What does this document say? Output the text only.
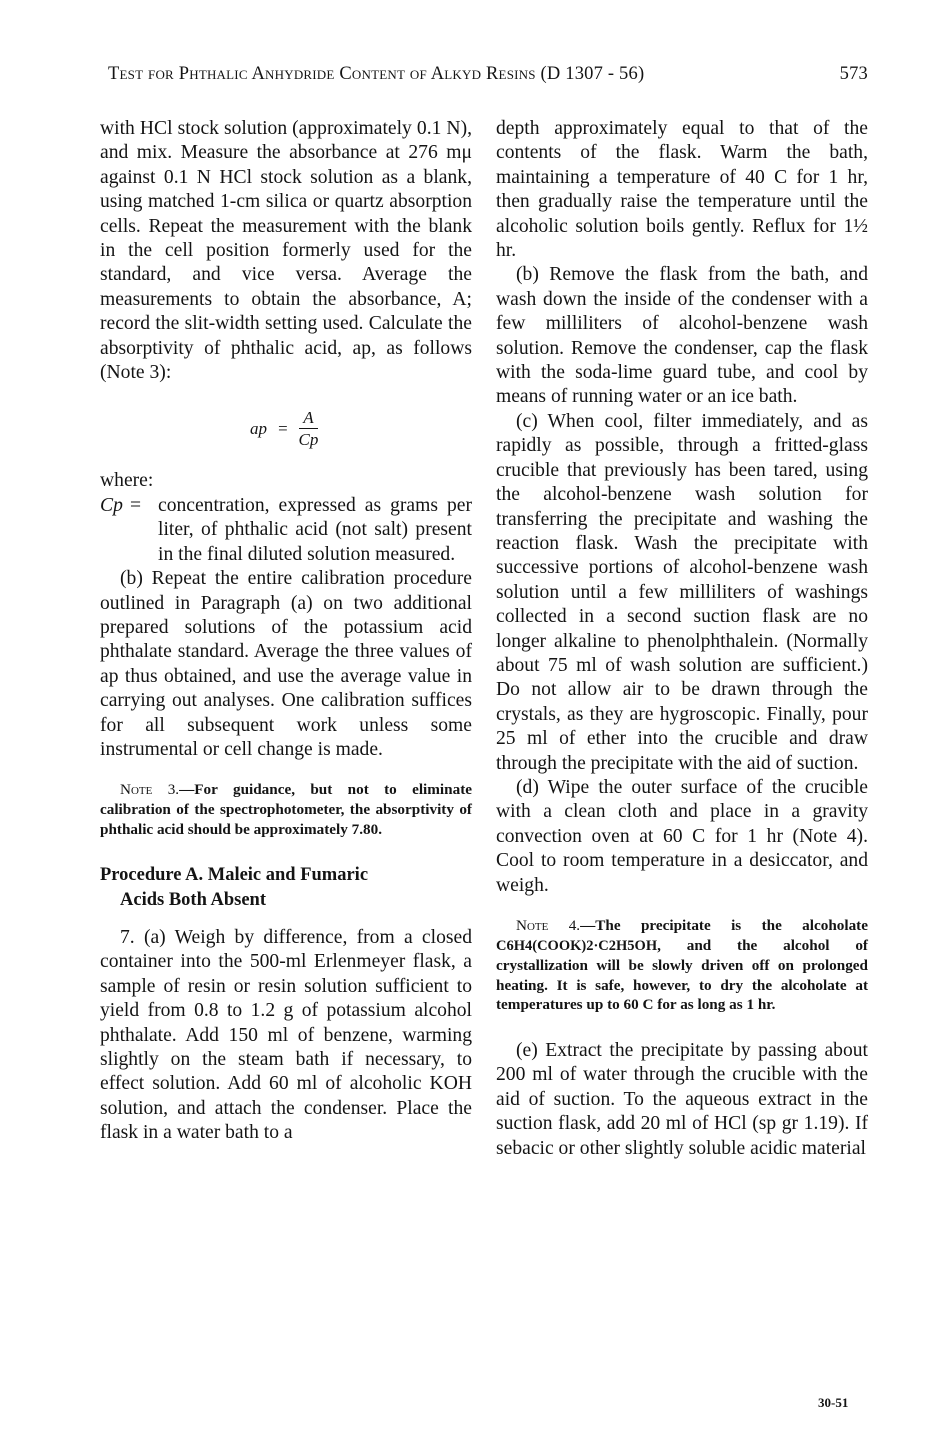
Test for Phthalic Anhydride Content of Alkyd Resins (D 1307 - 56)	573

with HCl stock solution (approximately 0.1 N), and mix. Measure the absorbance at 276 mμ against 0.1 N HCl stock solution as a blank, using matched 1-cm silica or quartz absorption cells. Repeat the measurement with the blank in the cell position formerly used for the standard, and vice versa. Average the measurements to obtain the absorbance, A; record the slit-width setting used. Calculate the absorptivity of phthalic acid, ap, as follows (Note 3):

ap = $\frac{A}{Cp}$
where:
Cp = concentration, expressed as grams per liter, of phthalic acid (not salt) present in the final diluted solution measured.

(b) Repeat the entire calibration procedure outlined in Paragraph (a) on two additional prepared solutions of the potassium acid phthalate standard. Average the three values of ap thus obtained, and use the average value in carrying out analyses. One calibration suffices for all subsequent work unless some instrumental or cell change is made.

Note 3.—For guidance, but not to eliminate calibration of the spectrophotometer, the absorptivity of phthalic acid should be approximately 7.80.
Procedure A. Maleic and Fumaric
Acids Both Absent

7. (a) Weigh by difference, from a closed container into the 500-ml Erlenmeyer flask, a sample of resin or resin solution sufficient to yield from 0.8 to 1.2 g of potassium alcohol phthalate. Add 150 ml of benzene, warming slightly on the steam bath if necessary, to effect solution. Add 60 ml of alcoholic KOH solution, and attach the condenser. Place the flask in a water bath to a

depth approximately equal to that of the contents of the flask. Warm the bath, maintaining a temperature of 40 C for 1 hr, then gradually raise the temperature until the alcoholic solution boils gently. Reflux for 1½ hr.

(b) Remove the flask from the bath, and wash down the inside of the condenser with a few milliliters of alcohol-benzene wash solution. Remove the condenser, cap the flask with the soda-lime guard tube, and cool by means of running water or an ice bath.

(c) When cool, filter immediately, and as rapidly as possible, through a fritted-glass crucible that previously has been tared, using the alcohol-benzene wash solution for transferring the precipitate and washing the reaction flask. Wash the precipitate with successive portions of alcohol-benzene wash solution until a few milliliters of washings collected in a second suction flask are no longer alkaline to phenolphthalein. (Normally about 75 ml of wash solution are sufficient.) Do not allow air to be drawn through the crystals, as they are hygroscopic. Finally, pour 25 ml of ether into the crucible and draw through the precipitate with the aid of suction.

(d) Wipe the outer surface of the crucible with a clean cloth and place in a gravity convection oven at 60 C for 1 hr (Note 4). Cool to room temperature in a desiccator, and weigh.

Note 4.—The precipitate is the alcoholate C6H4(COOK)2·C2H5OH, and the alcohol of crystallization will be slowly driven off on prolonged heating. It is safe, however, to dry the alcoholate at temperatures up to 60 C for as long as 1 hr.

(e) Extract the precipitate by passing about 200 ml of water through the crucible with the aid of suction. To the aqueous extract in the suction flask, add 20 ml of HCl (sp gr 1.19). If sebacic or other slightly soluble acidic material

30-51
